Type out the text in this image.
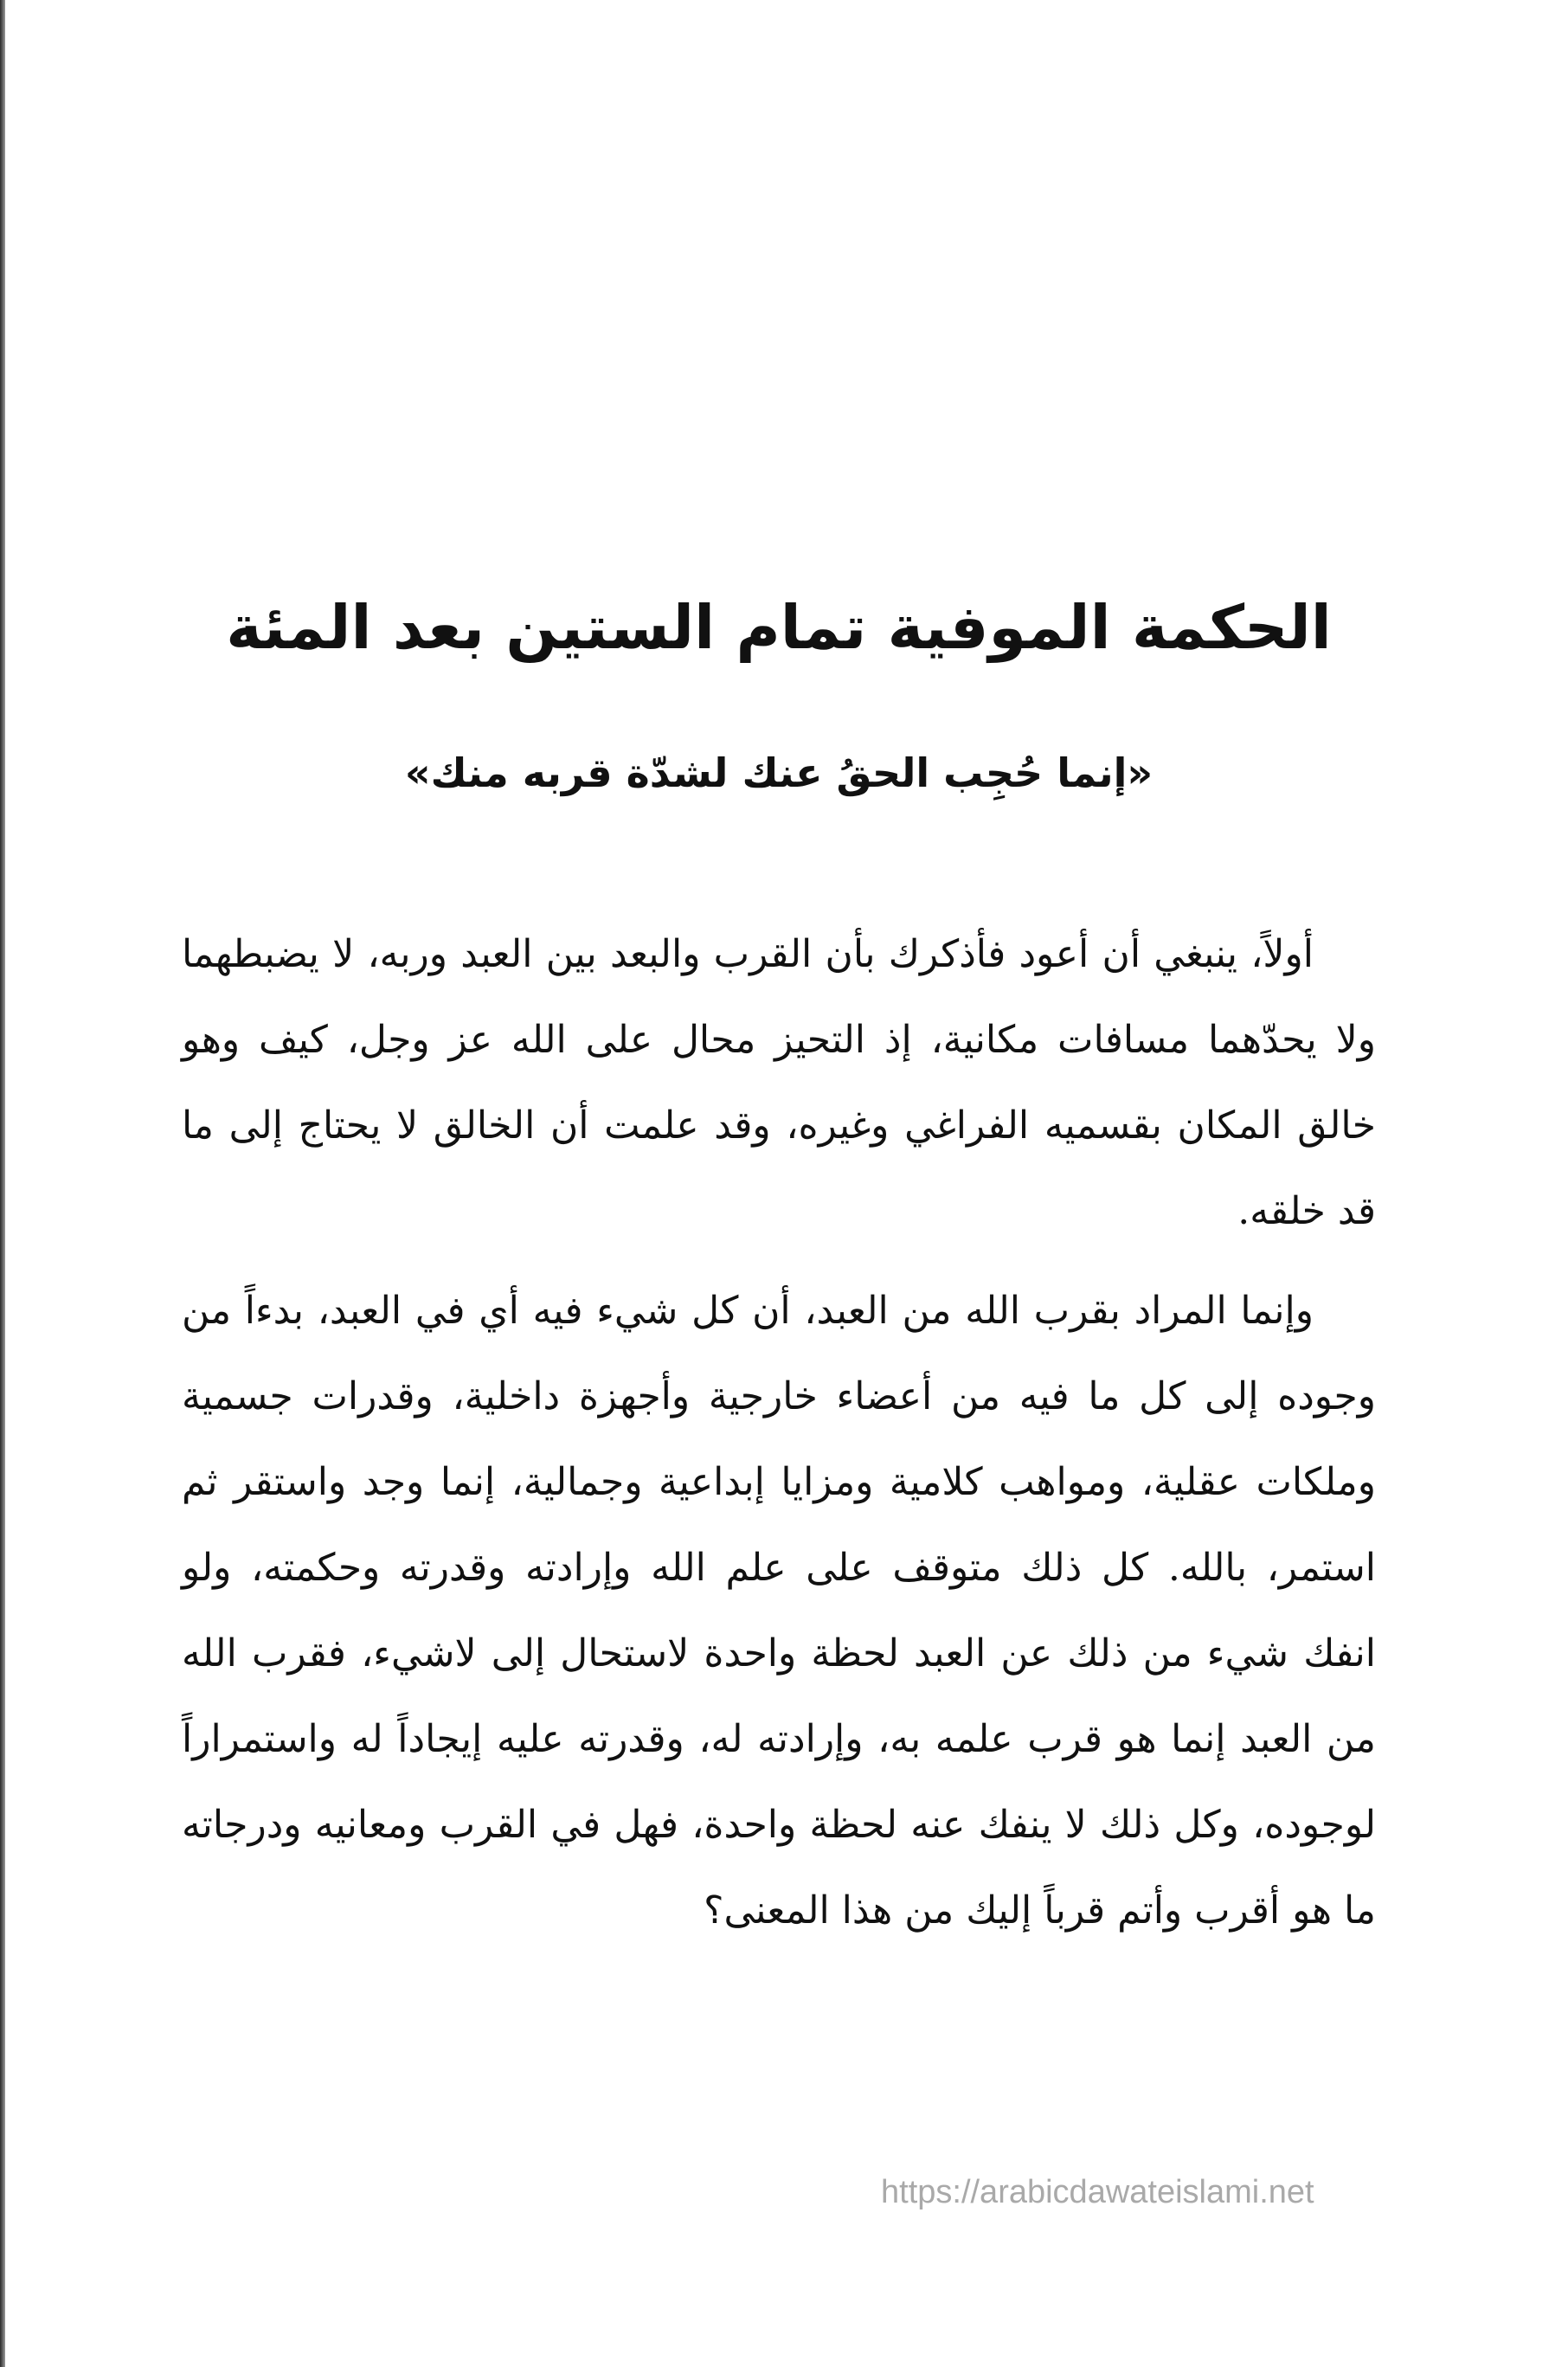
الحكمة الموفية تمام الستين بعد المئة
«إنما حُجِب الحقُ عنك لشدّة قربه منك»

أولاً، ينبغي أن أعود فأذكرك بأن القرب والبعد بين العبد وربه، لا يضبطهما ولا يحدّهما مسافات مكانية، إذ التحيز محال على الله عز وجل، كيف وهو خالق المكان بقسميه الفراغي وغيره، وقد علمت أن الخالق لا يحتاج إلى ما قد خلقه.

وإنما المراد بقرب الله من العبد، أن كل شيء فيه أي في العبد، بدءاً من وجوده إلى كل ما فيه من أعضاء خارجية وأجهزة داخلية، وقدرات جسمية وملكات عقلية، ومواهب كلامية ومزايا إبداعية وجمالية، إنما وجد واستقر ثم استمر، بالله. كل ذلك متوقف على علم الله وإرادته وقدرته وحكمته، ولو انفك شيء من ذلك عن العبد لحظة واحدة لاستحال إلى لاشيء، فقرب الله من العبد إنما هو قرب علمه به، وإرادته له، وقدرته عليه إيجاداً له واستمراراً لوجوده، وكل ذلك لا ينفك عنه لحظة واحدة، فهل في القرب ومعانيه ودرجاته ما هو أقرب وأتم قرباً إليك من هذا المعنى؟

https://arabicdawateislami.net
